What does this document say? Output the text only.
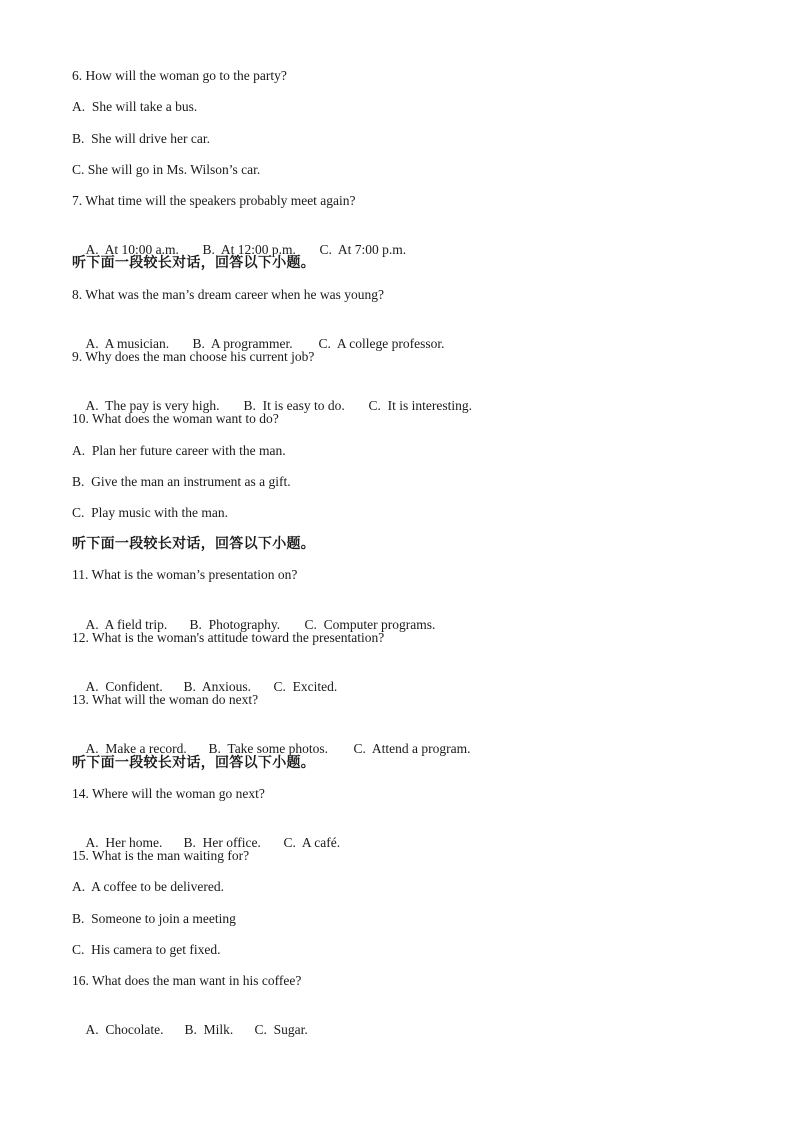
6. How will the woman go to the party?
A.  She will take a bus.
B.  She will drive her car.
C. She will go in Ms. Wilson’s car.
7. What time will the speakers probably meet again?

A.  At 10:00 a.m. B.  At 12:00 p.m. C.  At 7:00 p.m.

听下面一段较长对话，回答以下小题。
8. What was the man’s dream career when he was young?

A.  A musician. B.  A programmer. C.  A college professor.

9. Why does the man choose his current job?

A.  The pay is very high. B.  It is easy to do. C.  It is interesting.

10. What does the woman want to do?
A.  Plan her future career with the man.
B.  Give the man an instrument as a gift.
C.  Play music with the man.
听下面一段较长对话，回答以下小题。
11. What is the woman’s presentation on?

A.  A field trip. B.  Photography. C.  Computer programs.

12. What is the woman's attitude toward the presentation?

A.  Confident. B.  Anxious. C.  Excited.

13. What will the woman do next?

A.  Make a record. B.  Take some photos. C.  Attend a program.

听下面一段较长对话，回答以下小题。
14. Where will the woman go next?

A.  Her home. B.  Her office. C.  A café.

15. What is the man waiting for?
A.  A coffee to be delivered.
B.  Someone to join a meeting
C.  His camera to get fixed.
16. What does the man want in his coffee?

A.  Chocolate. B.  Milk. C.  Sugar.
